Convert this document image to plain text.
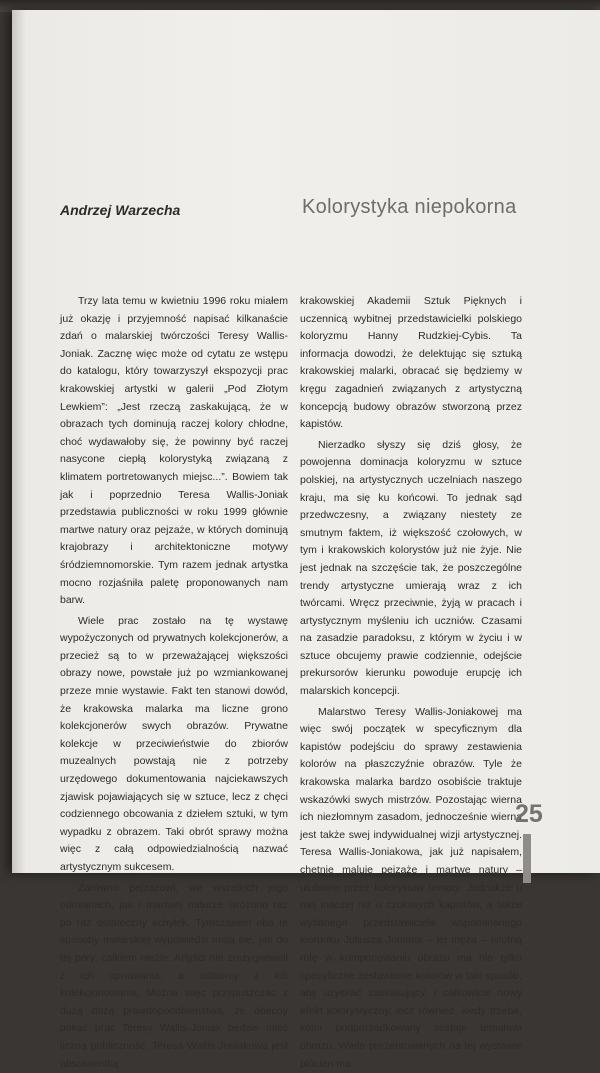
Andrzej Warzecha	Kolorystyka niepokorna

Trzy lata temu w kwietniu 1996 roku miałem już okazję i przyjemność napisać kilkanaście zdań o malarskiej twórczości Teresy Wallis-Joniak. Zacznę więc może od cytatu ze wstępu do katalogu, który towarzyszył ekspozycji prac krakowskiej artystki w galerii „Pod Złotym Lewkiem”: „Jest rzeczą zaskakującą, że w obrazach tych dominują raczej kolory chłodne, choć wydawałoby się, że powinny być raczej nasycone ciepłą kolorystyką związaną z klimatem portretowanych miejsc...”. Bowiem tak jak i poprzednio Teresa Wallis-Joniak przedstawia publiczności w roku 1999 głównie martwe natury oraz pejzaże, w których dominują krajobrazy i architektoniczne motywy śródziemnomorskie. Tym razem jednak artystka mocno rozjaśniła paletę proponowanych nam barw.

Wiele prac zostało na tę wystawę wypożyczonych od prywatnych kolekcjonerów, a przecież są to w przeważającej większości obrazy nowe, powstałe już po wzmiankowanej przeze mnie wystawie. Fakt ten stanowi dowód, że krakowska malarka ma liczne grono kolekcjonerów swych obrazów. Prywatne kolekcje w przeciwieństwie do zbiorów muzealnych powstają nie z potrzeby urzędowego dokumentowania najciekawszych zjawisk pojawiających się w sztuce, lecz z chęci codziennego obcowania z dziełem sztuki, w tym wypadku z obrazem. Taki obrót sprawy można więc z całą odpowiedzialnością nazwać artystycznym sukcesem.

Zarówno pejzażowi, we wszelkich jego odmianach, jak i martwej naturze wróżono raz po raz ostateczny schyłek. Tymczasem oba te sposoby malarskiej wypowiedzi mają się, jak do tej pory, całkiem nieźle. Artyści nie zrezygnowali z ich uprawiania, a odbiorcy z ich kolekcjonowania. Można więc przypuszczać z dużą dozą prawdopodobieństwa, że obecny pokaz prac Teresy Wallis-Joniak będzie mieć liczną publiczność. Teresa Wallis-Joniakowa jest absolwentką

krakowskiej Akademii Sztuk Pięknych i uczennicą wybitnej przedstawicielki polskiego koloryzmu Hanny Rudzkiej-Cybis. Ta informacja dowodzi, że delektując się sztuką krakowskiej malarki, obracać się będziemy w kręgu zagadnień związanych z artystyczną koncepcją budowy obrazów stworzoną przez kapistów.

Nierzadko słyszy się dziś głosy, że powojenna dominacja koloryzmu w sztuce polskiej, na artystycznych uczelniach naszego kraju, ma się ku końcowi. To jednak sąd przedwczesny, a związany niestety ze smutnym faktem, iż większość czołowych, w tym i krakowskich kolorystów już nie żyje. Nie jest jednak na szczęście tak, że poszczególne trendy artystyczne umierają wraz z ich twórcami. Wręcz przeciwnie, żyją w pracach i artystycznym myśleniu ich uczniów. Czasami na zasadzie paradoksu, z którym w życiu i w sztuce obcujemy prawie codziennie, odejście prekursorów kierunku powoduje erupcję ich malarskich koncepcji.

Malarstwo Teresy Wallis-Joniakowej ma więc swój początek w specyficznym dla kapistów podejściu do sprawy zestawienia kolorów na płaszczyźnie obrazów. Tyle że krakowska malarka bardzo osobiście traktuje wskazówki swych mistrzów. Pozostając wierna ich niezłomnym zasadom, jednocześnie wierna jest także swej indywidualnej wizji artystycznej. Teresa Wallis-Joniakowa, jak już napisałem, chętnie maluje pejzaże i martwe natury – ulubione przez kolorystów tematy. Jednakże u niej inaczej niż u czołowych kapistów, a także wybitnego przedstawiciela wspominanego kierunku Juliusza Joniaka – jej męża – istotną rolę w komponowaniu obrazu ma nie tylko specyficzne zestawienie kolorów w taki sposób, aby uzyskać zaskakujący, i całkowicie nowy efekt kolorystyczny, lecz również, kiedy trzeba, kolor podporządkowany zostaje tematowi obrazu. Wiele prezentowanych na tej wystawie płócien ma

25
